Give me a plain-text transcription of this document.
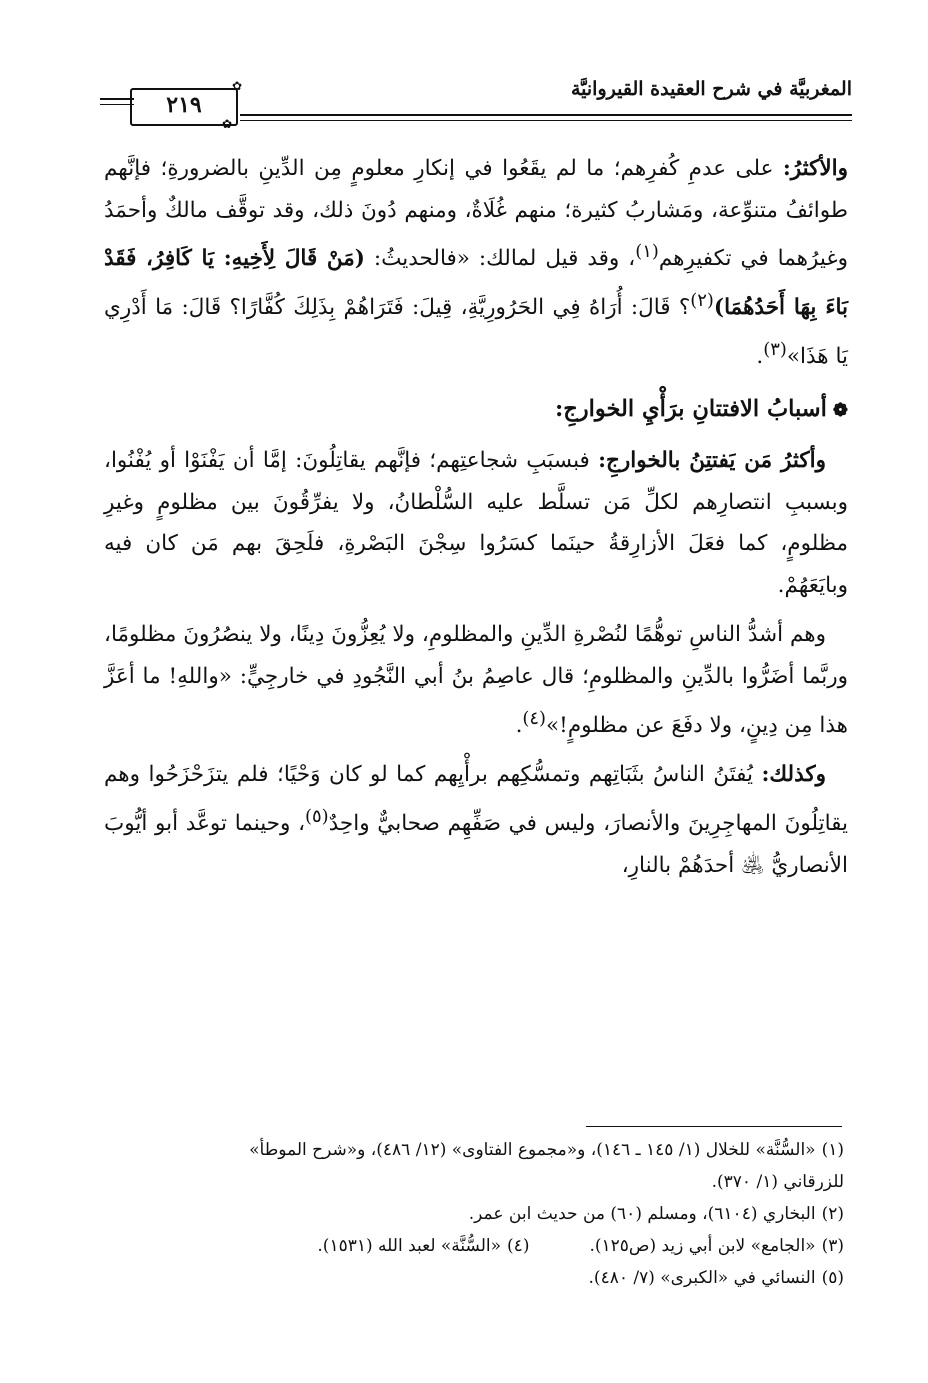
المغربيَّة في شرح العقيدة القيروانيَّة
٢١٩
✿
✿

والأكثرُ: على عدمِ كُفرِهم؛ ما لم يقَعُوا في إنكارِ معلومٍ مِن الدِّينِ بالضرورةِ؛ فإنَّهم طوائفُ متنوِّعة، ومَشاربُ كثيرة؛ منهم غُلَاةٌ، ومنهم دُونَ ذلك، وقد توقَّف مالكٌ وأحمَدُ وغيرُهما في تكفيرِهم$^{(١)}$، وقد قيل لمالك: «فالحديثُ: (مَنْ قَالَ لِأَخِيهِ: يَا كَافِرُ، فَقَدْ بَاءَ بِهَا أَحَدُهُمَا)$^{(٢)}$؟ قَالَ: أُرَاهُ فِي الحَرُورِيَّةِ، قِيلَ: فَتَرَاهُمْ بِذَلِكَ كُفَّارًا؟ قَالَ: مَا أَدْرِي يَا هَذَا»$^{(٣)}$.

❁أسبابُ الافتتانِ برَأْيِ الخوارجِ:

وأكثرُ مَن يَفتتِنُ بالخوارجِ: فبسبَبِ شجاعتِهم؛ فإنَّهم يقاتِلُونَ: إمَّا أن يَفْنَوْا أو يُفْنُوا، وبسببِ انتصارِهم لكلِّ مَن تسلَّط عليه السُّلْطانُ، ولا يفرِّقُونَ بين مظلومٍ وغيرِ مظلومٍ، كما فعَلَ الأزارِقةُ حينَما كسَرُوا سِجْنَ البَصْرةِ، فلَحِقَ بهم مَن كان فيه وبايَعَهُمْ.

وهم أشدُّ الناسِ توهُّمًا لنُصْرةِ الدِّينِ والمظلومِ، ولا يُعِزُّونَ دِينًا، ولا ينصُرُونَ مظلومًا، وربَّما أضَرُّوا بالدِّينِ والمظلومِ؛ قال عاصِمُ بنُ أبي النَّجُودِ في خارجِيٍّ: «واللهِ! ما أعَزَّ هذا مِن دِينٍ، ولا دفَعَ عن مظلومٍ!»$^{(٤)}$.

وكذلك: يُفتَنُ الناسُ بثَبَاتِهم وتمسُّكِهم برأْيِهم كما لو كان وَحْيًا؛ فلم يتزَحْزَحُوا وهم يقاتِلُونَ المهاجِرِينَ والأنصارَ، وليس في صَفِّهِم صحابيٌّ واحِدٌ$^{(٥)}$، وحينما توعَّد أبو أيُّوبَ الأنصاريُّ ﵁ أحدَهُمْ بالنارِ،

(١)«السُّنَّة» للخلال (١/ ١٤٥ ـ ١٤٦)، و«مجموع الفتاوى» (١٢/ ٤٨٦)، و«شرح الموطأ»

للزرقاني (١/ ٣٧٠).

(٢)البخاري (٦١٠٤)، ومسلم (٦٠) من حديث ابن عمر.

(٣)«الجامع» لابن أبي زيد (ص١٢٥).
(٤)«السُّنَّة» لعبد الله (١٥٣١).

(٥)النسائي في «الكبرى» (٧/ ٤٨٠).
